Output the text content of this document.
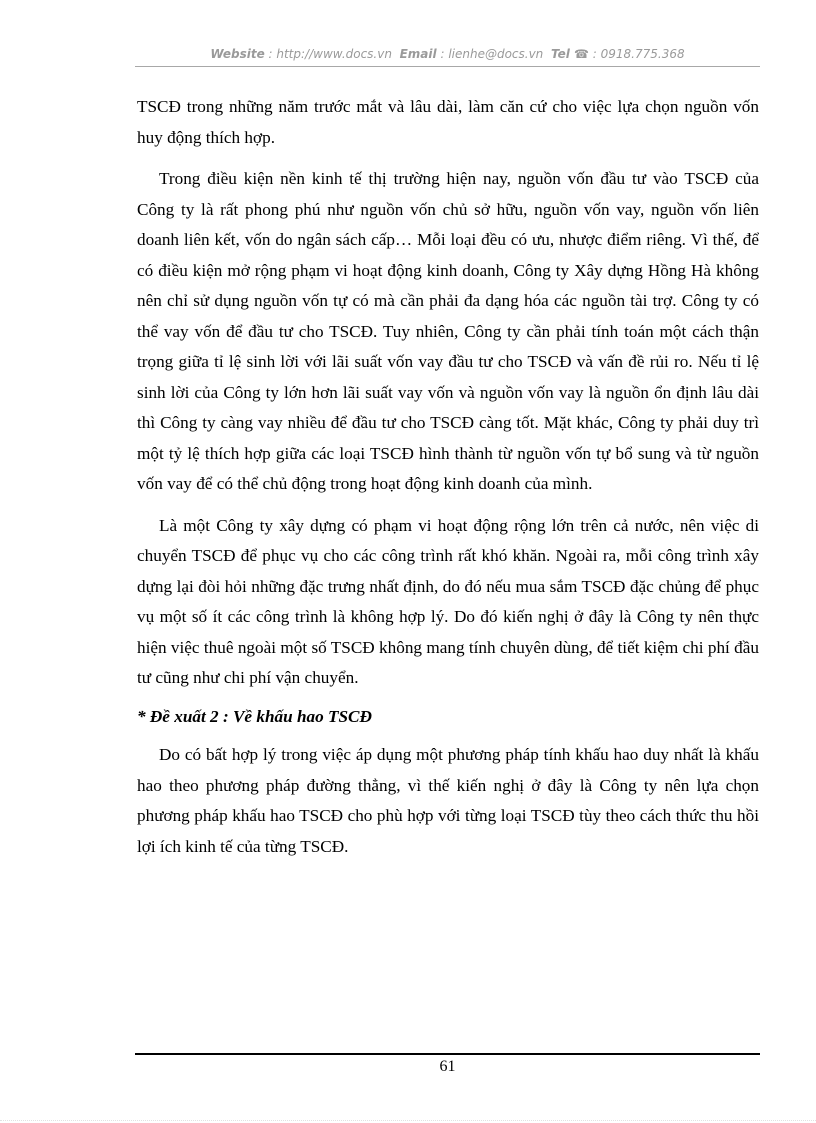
Website : http://www.docs.vn Email : lienhe@docs.vn Tel ☎ : 0918.775.368

TSCĐ trong những năm trước mắt và lâu dài, làm căn cứ cho việc lựa chọn nguồn vốn huy động thích hợp.

Trong điều kiện nền kinh tế thị trường hiện nay, nguồn vốn đầu tư vào TSCĐ của Công ty là rất phong phú như nguồn vốn chủ sở hữu, nguồn vốn vay, nguồn vốn liên doanh liên kết, vốn do ngân sách cấp… Mỗi loại đều có ưu, nhược điểm riêng. Vì thế, để có điều kiện mở rộng phạm vi hoạt động kinh doanh, Công ty Xây dựng Hồng Hà không nên chỉ sử dụng nguồn vốn tự có mà cần phải đa dạng hóa các nguồn tài trợ. Công ty có thể vay vốn để đầu tư cho TSCĐ. Tuy nhiên, Công ty cần phải tính toán một cách thận trọng giữa tỉ lệ sinh lời với lãi suất vốn vay đầu tư cho TSCĐ và vấn đề rủi ro. Nếu tỉ lệ sinh lời của Công ty lớn hơn lãi suất vay vốn và nguồn vốn vay là nguồn ổn định lâu dài thì Công ty càng vay nhiều để đầu tư cho TSCĐ càng tốt. Mặt khác, Công ty phải duy trì một tỷ lệ thích hợp giữa các loại TSCĐ hình thành từ nguồn vốn tự bổ sung và từ nguồn vốn vay để có thể chủ động trong hoạt động kinh doanh của mình.

Là một Công ty xây dựng có phạm vi hoạt động rộng lớn trên cả nước, nên việc di chuyển TSCĐ để phục vụ cho các công trình rất khó khăn. Ngoài ra, mỗi công trình xây dựng lại đòi hỏi những đặc trưng nhất định, do đó nếu mua sắm TSCĐ đặc chủng để phục vụ một số ít các công trình là không hợp lý. Do đó kiến nghị ở đây là Công ty nên thực hiện việc thuê ngoài một số TSCĐ không mang tính chuyên dùng, để tiết kiệm chi phí đầu tư cũng như chi phí vận chuyển.

* Đề xuất 2 : Về khấu hao TSCĐ

Do có bất hợp lý trong việc áp dụng một phương pháp tính khấu hao duy nhất là khấu hao theo phương pháp đường thẳng, vì thế kiến nghị ở đây là Công ty nên lựa chọn phương pháp khấu hao TSCĐ cho phù hợp với từng loại TSCĐ tùy theo cách thức thu hồi lợi ích kinh tế của từng TSCĐ.

61
